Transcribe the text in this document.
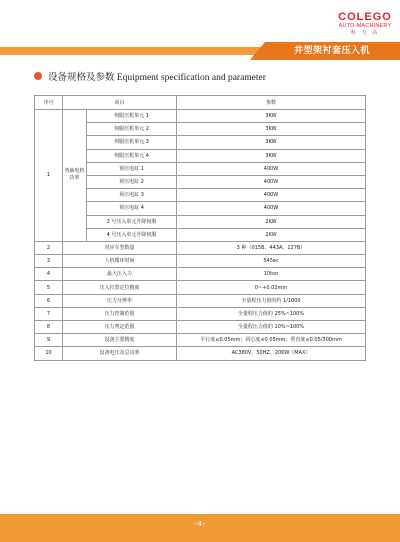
COLEGO
AUTO-MACHINERY
科 力 高
井型架衬套压入机
设备规格及参数 Equipment specification and parameter
序号	项目		参数
1	各轴电机功率	伺服压机单元 1	3KW
		伺服压机单元 2	3KW
		伺服压机单元 3	3KW
		伺服压机单元 4	3KW
		预压电缸 1	400W
		预压电缸 2	400W
		预压电缸 3	400W
		预压电缸 4	400W
		2 号压入单元升降伺服	2KW
		4 号压入单元升降伺服	2KW
2	对应车型数量		3 种（015B、443A、127B）
3	人机循环时间		545ec
4	最大压入力		10ton
5	压入位置定位精度		0~+0.02mm
6	压力分辨率		全量程压力值的约 1/1000
7	压力控制范围		全量程压力值的 25%~100%
8	压力判定范围		全量程压力值的 10%~100%
9	设备主要精度		平行度≤0.05mm；同心度≤0.05mm；垂直度≤0.05/300mm
10	设备电压及总功率		AC380V、50HZ、20KW（MAX）
-4-
